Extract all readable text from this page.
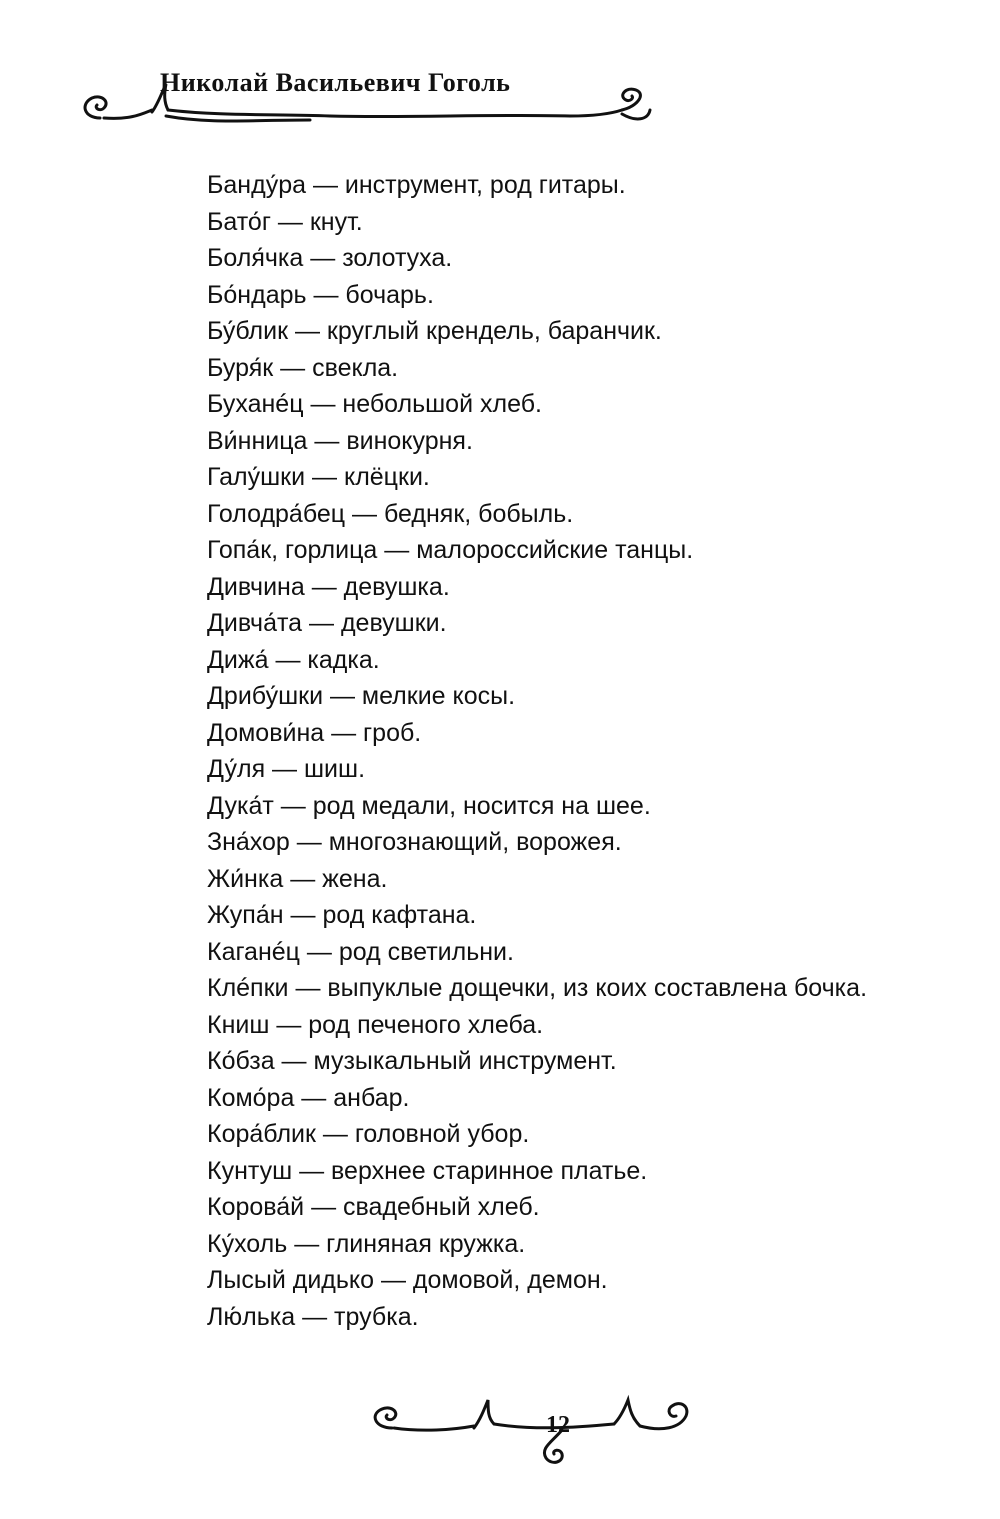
Николай Васильевич Гоголь
Банду́ра — инструмент, род гитары.
Бато́г — кнут.
Боля́чка — золотуха.
Бо́ндарь — бочарь.
Бу́блик — круглый крендель, баранчик.
Буря́к — свекла.
Буханéц — небольшой хлеб.
Ви́нница — винокурня.
Галу́шки — клёцки.
Голодра́бец — бедняк, бобыль.
Гопа́к, горлица — малороссийские танцы.
Дивчина — девушка.
Дивча́та — девушки.
Дижа́ — кадка.
Дрибу́шки — мелкие косы.
Домови́на — гроб.
Ду́ля — шиш.
Дука́т — род медали, носится на шее.
Зна́хор — многознающий, ворожея.
Жи́нка — жена.
Жупа́н — род кафтана.
Каганéц — род светильни.
Клéпки — выпуклые дощечки, из коих составлена бочка.
Книш — род печеного хлеба.
Ко́бза — музыкальный инструмент.
Комо́ра — анбар.
Кора́блик — головной убор.
Кунтуш — верхнее старинное платье.
Корова́й — свадебный хлеб.
Ку́холь — глиняная кружка.
Лысый дидько — домовой, демон.
Лю́лька — трубка.
12
